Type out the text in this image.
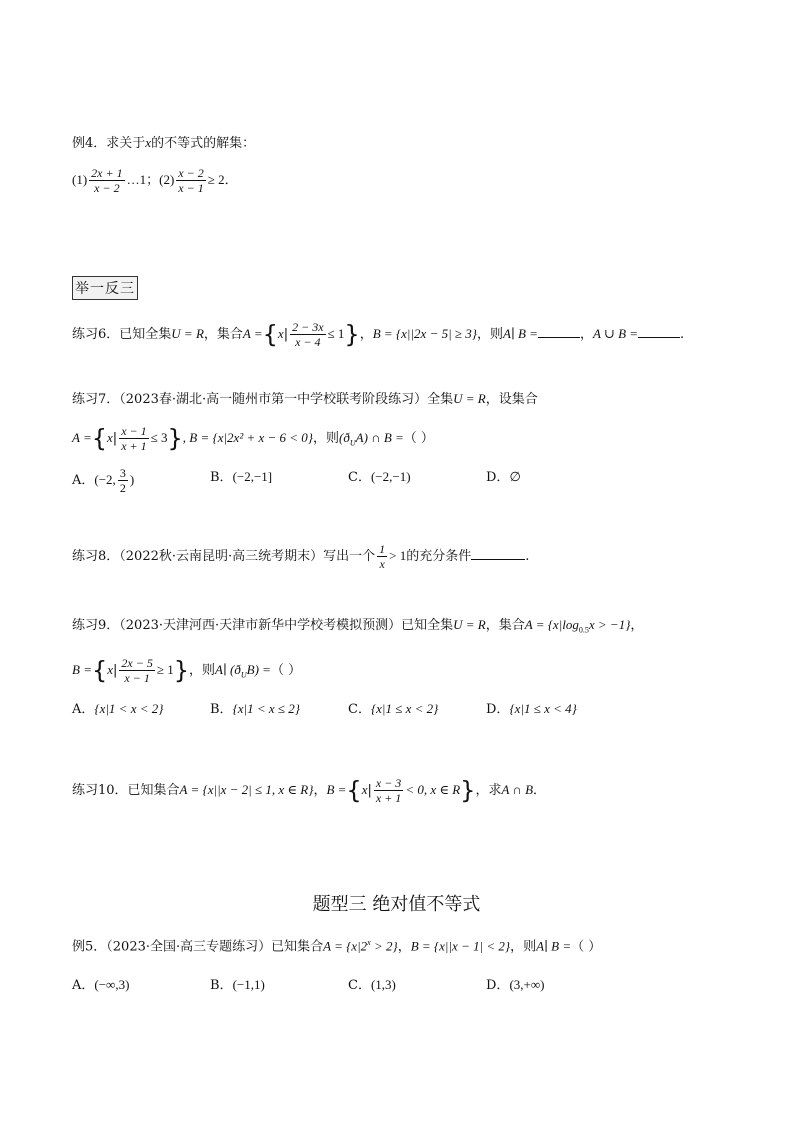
例4．求关于x的不等式的解集：
$(1) \frac{2x + 1}{x - 2}$ …1；$(2) \frac{x - 2}{x - 1} \ge 2$．
举一反三
练习6．已知全集U = R，集合$A =\{x| \frac{2 - 3x}{x - 4} \le 1\}$，B = {x||2x − 5| ≥ 3}，则A∣ B =	，A ∪ B =	.
练习7．（2023春·湖北·高一随州市第一中学校联考阶段练习）全集U = R，设集合
$A =\{x| \frac{x - 1}{x + 1} \le 3\}$, B = {x|2x² + x − 6 < 0}，则$(ð_UA)$ ∩ B =（ ）
A．(−2, $\frac{3}{2}$ )	B．(−2,−1]	C．(−2,−1)	D．∅
练习8．（2022秋·云南昆明·高三统考期末）写出一个 $\frac{1}{x} > 1$的充分条件	.
练习9．（2023·天津河西·天津市新华中学校考模拟预测）已知全集U = R，集合$A = \{x|\log_{0.5}x > -1\}$，
$B =\{x| \frac{2x - 5}{x - 1} \ge 1\}$，则A∣ $(ð_UB)$ =（ ）
A．{x|1 < x < 2}	B．{x|1 < x ≤ 2}	C．{x|1 ≤ x < 2}	D．{x|1 ≤ x < 4}
练习10．已知集合A = {x||x − 2| ≤ 1, x ∈ R}，$B =\{x| \frac{x - 3}{x + 1} < 0$, x ∈ R}，求A ∩ B．
题型三 绝对值不等式
例5．（2023·全国·高三专题练习）已知集合$A = \{x|2^x > 2\}$，B = {x||x − 1| < 2}，则A∣ B =（ ）
A．(−∞,3)	B．(−1,1)	C．(1,3)	D．(3,+∞)
